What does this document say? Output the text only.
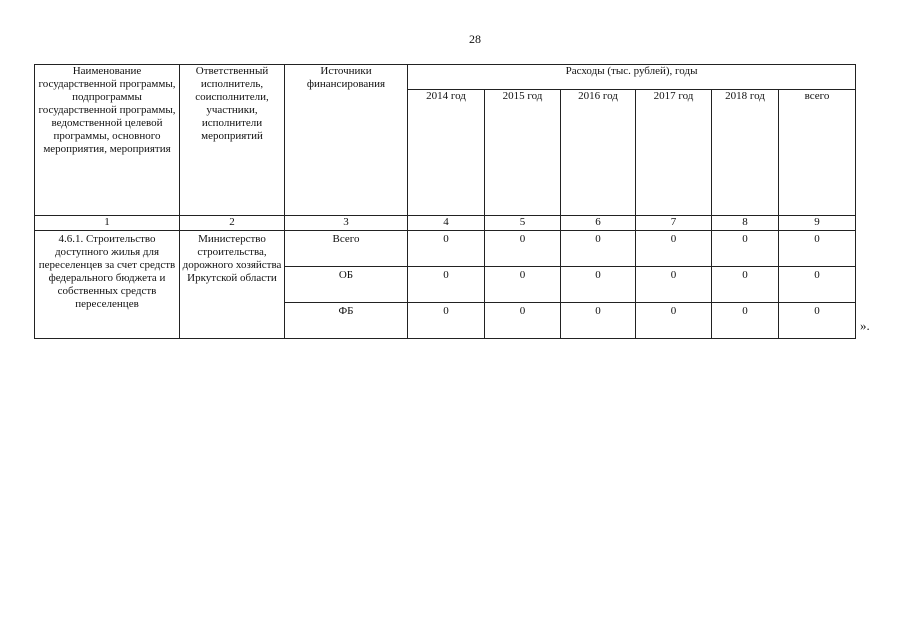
28
Наименование государственной программы, подпрограммы государственной программы, ведомственной целевой программы, основного мероприятия, мероприятия	Ответственный исполнитель, соисполнители, участники, исполнители мероприятий	Источники финансирования	Расходы (тыс. рублей), годы					
			2014 год	2015 год	2016 год	2017 год	2018 год	всего
1	2	3	4	5	6	7	8	9
4.6.1. Строительство доступного жилья для переселенцев за счет средств федерального бюджета и собственных средств переселенцев	Министерство строительства, дорожного хозяйства Иркутской области	Всего	0	0	0	0	0	0
		ОБ	0	0	0	0	0	0
		ФБ	0	0	0	0	0	0
».
